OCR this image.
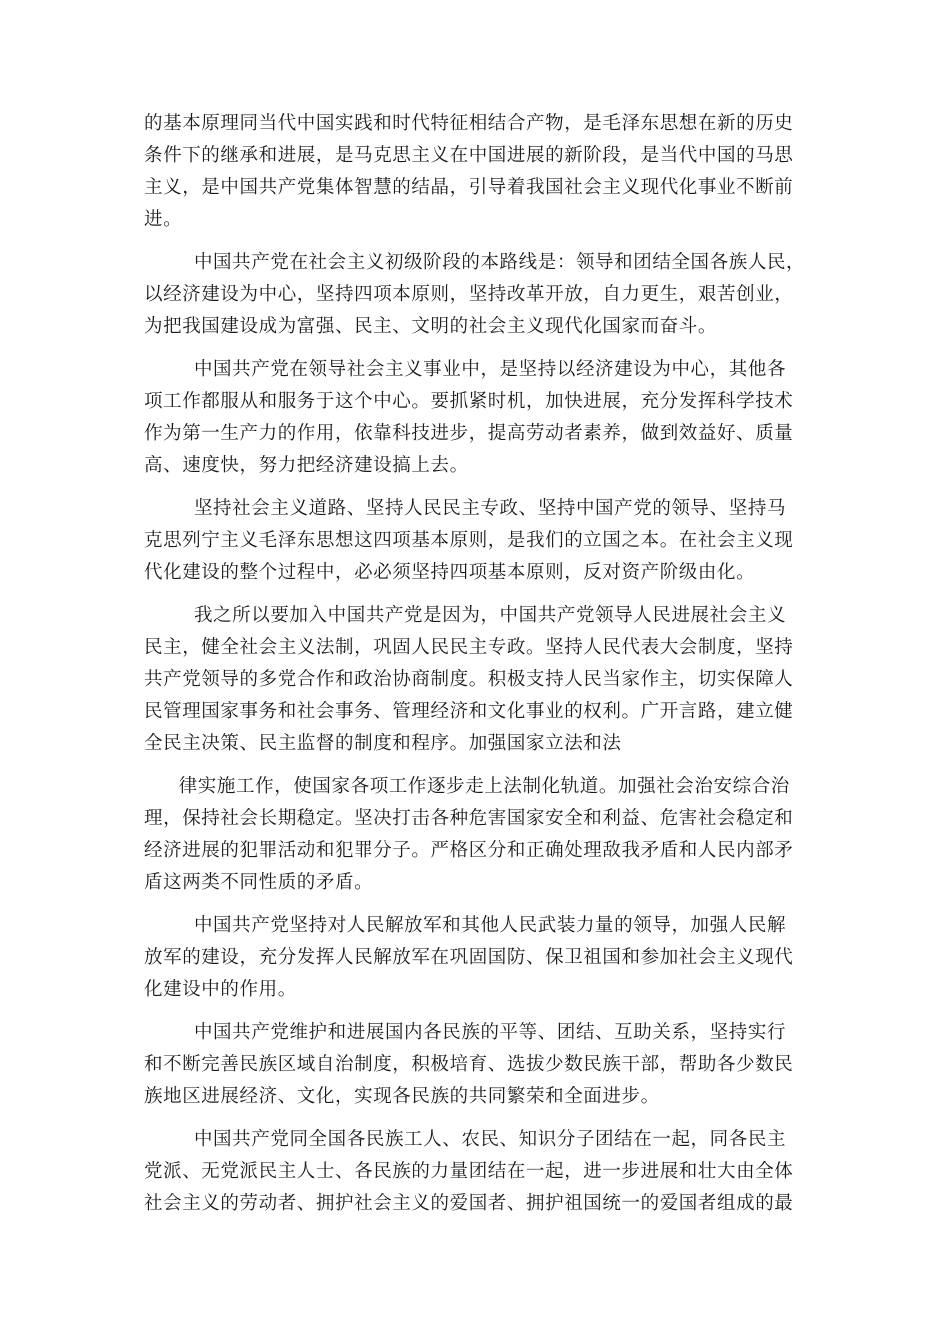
的基本原理同当代中国实践和时代特征相结合产物，是毛泽东思想在新的历史
条件下的继承和进展，是马克思主义在中国进展的新阶段，是当代中国的马思
主义，是中国共产党集体智慧的结晶，引导着我国社会主义现代化事业不断前
进。

中国共产党在社会主义初级阶段的本路线是：领导和团结全国各族人民，
以经济建设为中心，坚持四项本原则，坚持改革开放，自力更生，艰苦创业，
为把我国建设成为富强、民主、文明的社会主义现代化国家而奋斗。

中国共产党在领导社会主义事业中，是坚持以经济建设为中心，其他各
项工作都服从和服务于这个中心。要抓紧时机，加快进展，充分发挥科学技术
作为第一生产力的作用，依靠科技进步，提高劳动者素养，做到效益好、质量
高、速度快，努力把经济建设搞上去。

坚持社会主义道路、坚持人民民主专政、坚持中国产党的领导、坚持马
克思列宁主义毛泽东思想这四项基本原则，是我们的立国之本。在社会主义现
代化建设的整个过程中，必必须坚持四项基本原则，反对资产阶级由化。

我之所以要加入中国共产党是因为，中国共产党领导人民进展社会主义
民主，健全社会主义法制，巩固人民民主专政。坚持人民代表大会制度，坚持
共产党领导的多党合作和政治协商制度。积极支持人民当家作主，切实保障人
民管理国家事务和社会事务、管理经济和文化事业的权利。广开言路，建立健
全民主决策、民主监督的制度和程序。加强国家立法和法

律实施工作，使国家各项工作逐步走上法制化轨道。加强社会治安综合治
理，保持社会长期稳定。坚决打击各种危害国家安全和利益、危害社会稳定和
经济进展的犯罪活动和犯罪分子。严格区分和正确处理敌我矛盾和人民内部矛
盾这两类不同性质的矛盾。

中国共产党坚持对人民解放军和其他人民武装力量的领导，加强人民解
放军的建设，充分发挥人民解放军在巩固国防、保卫祖国和参加社会主义现代
化建设中的作用。

中国共产党维护和进展国内各民族的平等、团结、互助关系，坚持实行
和不断完善民族区域自治制度，积极培育、选拔少数民族干部，帮助各少数民
族地区进展经济、文化，实现各民族的共同繁荣和全面进步。

中国共产党同全国各民族工人、农民、知识分子团结在一起，同各民主
党派、无党派民主人士、各民族的力量团结在一起，进一步进展和壮大由全体
社会主义的劳动者、拥护社会主义的爱国者、拥护祖国统一的爱国者组成的最
